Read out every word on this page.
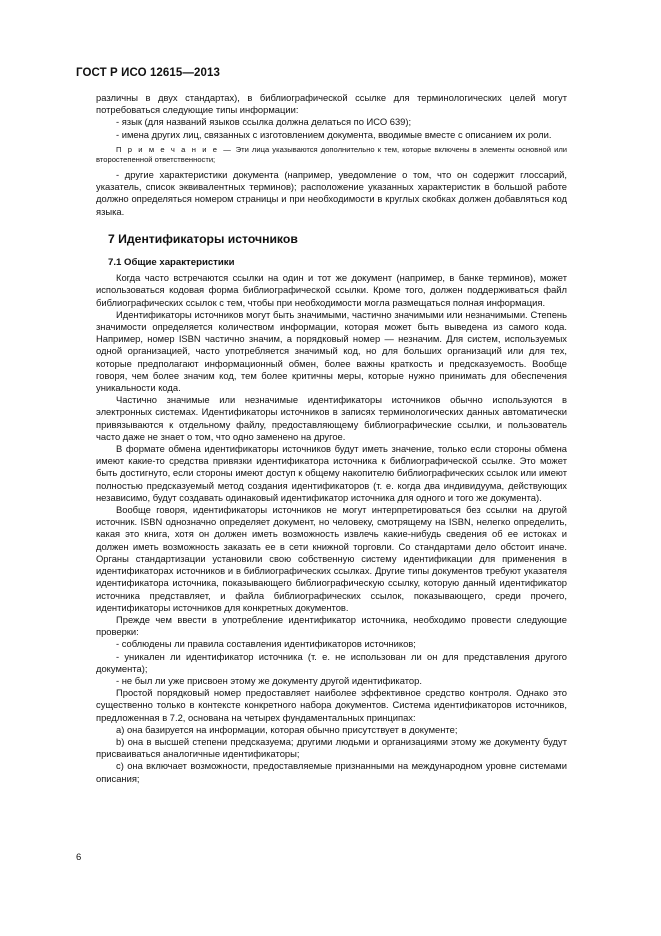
ГОСТ Р ИСО 12615—2013

различны в двух стандартах), в библиографической ссылке для терминологических целей могут потребоваться следующие типы информации:

- язык (для названий языков ссылка должна делаться по ИСО 639);

- имена других лиц, связанных с изготовлением документа, вводимые вместе с описанием их роли.

П р и м е ч а н и е — Эти лица указываются дополнительно к тем, которые включены в элементы основной или второстепенной ответственности;

- другие характеристики документа (например, уведомление о том, что он содержит глоссарий, указатель, список эквивалентных терминов); расположение указанных характеристик в большой работе должно определяться номером страницы и при необходимости в круглых скобках должен добавляться код языка.

7 Идентификаторы источников

7.1 Общие характеристики

Когда часто встречаются ссылки на один и тот же документ (например, в банке терминов), может использоваться кодовая форма библиографической ссылки. Кроме того, должен поддерживаться файл библиографических ссылок с тем, чтобы при необходимости могла размещаться полная информация.

Идентификаторы источников могут быть значимыми, частично значимыми или незначимыми. Степень значимости определяется количеством информации, которая может быть выведена из самого кода. Например, номер ISBN частично значим, а порядковый номер — незначим. Для систем, используемых одной организацией, часто употребляется значимый код, но для больших организаций или для тех, которые предполагают информационный обмен, более важны краткость и предсказуемость. Вообще говоря, чем более значим код, тем более критичны меры, которые нужно принимать для обеспечения уникальности кода.

Частично значимые или незначимые идентификаторы источников обычно используются в электронных системах. Идентификаторы источников в записях терминологических данных автоматически привязываются к отдельному файлу, предоставляющему библиографические ссылки, и пользователь часто даже не знает о том, что одно заменено на другое.

В формате обмена идентификаторы источников будут иметь значение, только если стороны обмена имеют какие-то средства привязки идентификатора источника к библиографической ссылке. Это может быть достигнуто, если стороны имеют доступ к общему накопителю библиографических ссылок или имеют полностью предсказуемый метод создания идентификаторов (т. е. когда два индивидуума, действующих независимо, будут создавать одинаковый идентификатор источника для одного и того же документа).

Вообще говоря, идентификаторы источников не могут интерпретироваться без ссылки на другой источник. ISBN однозначно определяет документ, но человеку, смотрящему на ISBN, нелегко определить, какая это книга, хотя он должен иметь возможность извлечь какие-нибудь сведения об ее истоках и должен иметь возможность заказать ее в сети книжной торговли. Со стандартами дело обстоит иначе. Органы стандартизации установили свою собственную систему идентификации для применения в идентификаторах источников и в библиографических ссылках. Другие типы документов требуют указателя идентификатора источника, показывающего библиографическую ссылку, которую данный идентификатор источника представляет, и файла библиографических ссылок, показывающего, среди прочего, идентификаторы источников для конкретных документов.

Прежде чем ввести в употребление идентификатор источника, необходимо провести следующие проверки:

- соблюдены ли правила составления идентификаторов источников;

- уникален ли идентификатор источника (т. е. не использован ли он для представления другого документа);

- не был ли уже присвоен этому же документу другой идентификатор.

Простой порядковый номер предоставляет наиболее эффективное средство контроля. Однако это существенно только в контексте конкретного набора документов. Система идентификаторов источников, предложенная в 7.2, основана на четырех фундаментальных принципах:

a) она базируется на информации, которая обычно присутствует в документе;

b) она в высшей степени предсказуема; другими людьми и организациями этому же документу будут присваиваться аналогичные идентификаторы;

c) она включает возможности, предоставляемые признанными на международном уровне системами описания;

6
